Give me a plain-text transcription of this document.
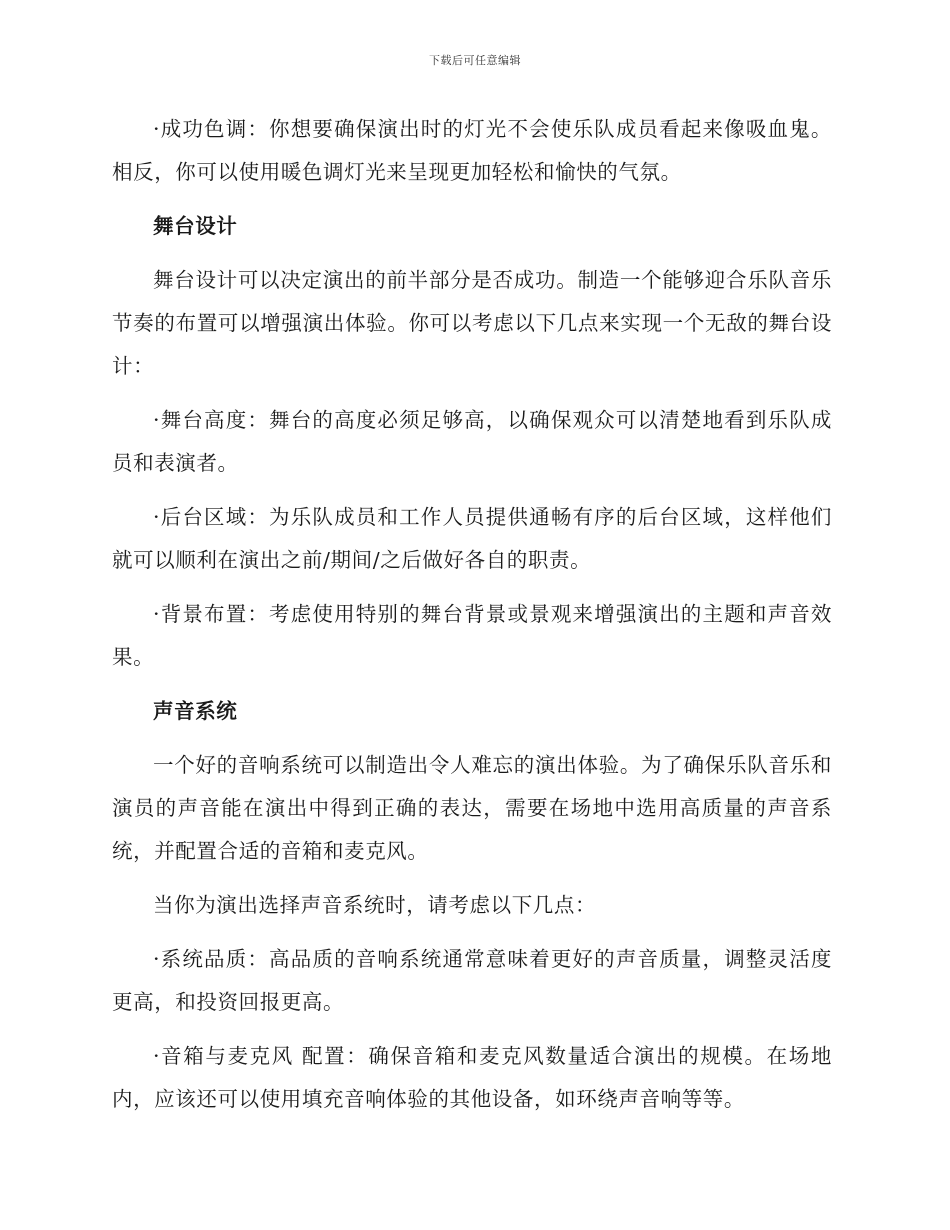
下载后可任意编辑

·成功色调：你想要确保演出时的灯光不会使乐队成员看起来像吸血鬼。相反，你可以使用暖色调灯光来呈现更加轻松和愉快的气氛。

舞台设计

舞台设计可以决定演出的前半部分是否成功。制造一个能够迎合乐队音乐节奏的布置可以增强演出体验。你可以考虑以下几点来实现一个无敌的舞台设计：

·舞台高度：舞台的高度必须足够高，以确保观众可以清楚地看到乐队成员和表演者。

·后台区域：为乐队成员和工作人员提供通畅有序的后台区域，这样他们就可以顺利在演出之前/期间/之后做好各自的职责。

·背景布置：考虑使用特别的舞台背景或景观来增强演出的主题和声音效果。

声音系统

一个好的音响系统可以制造出令人难忘的演出体验。为了确保乐队音乐和演员的声音能在演出中得到正确的表达，需要在场地中选用高质量的声音系统，并配置合适的音箱和麦克风。

当你为演出选择声音系统时，请考虑以下几点：

·系统品质：高品质的音响系统通常意味着更好的声音质量，调整灵活度更高，和投资回报更高。

·音箱与麦克风 配置：确保音箱和麦克风数量适合演出的规模。在场地内，应该还可以使用填充音响体验的其他设备，如环绕声音响等等。
